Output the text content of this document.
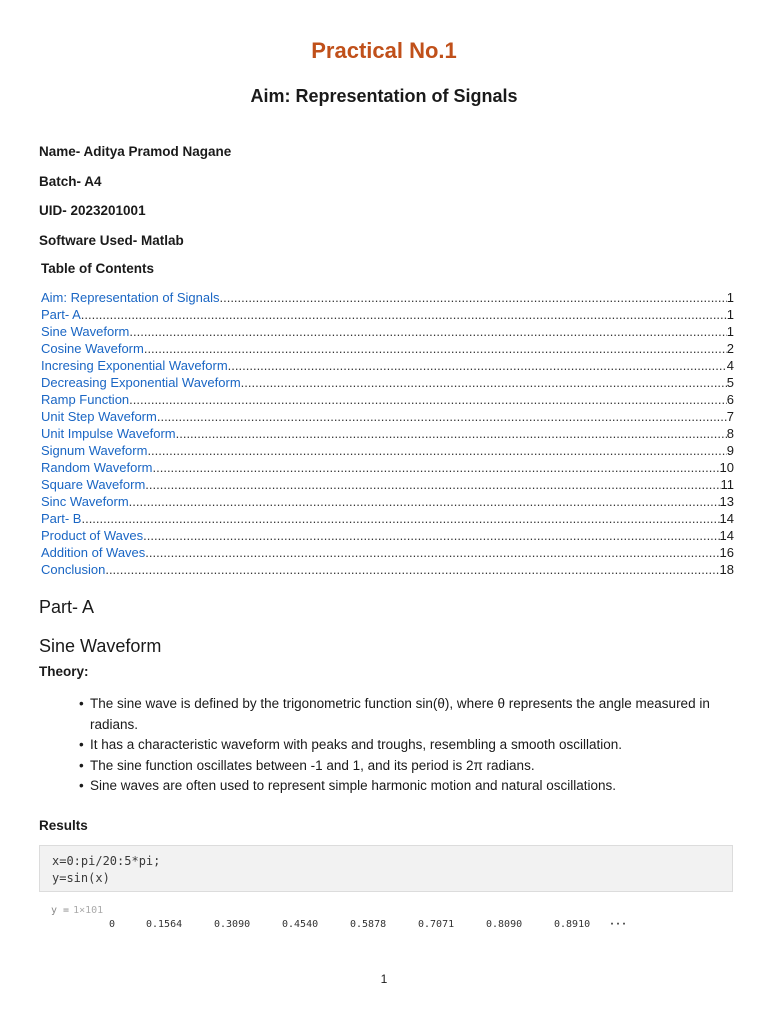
Practical No.1
Aim: Representation of Signals
Name- Aditya Pramod Nagane
Batch- A4
UID- 2023201001
Software Used- Matlab
Table of Contents
Aim: Representation of Signals .....	1
Part- A .....	1
Sine Waveform .....	1
Cosine Waveform .....	2
Incresing Exponential Waveform .....	4
Decreasing Exponential Waveform .....	5
Ramp Function .....	6
Unit Step Waveform .....	7
Unit Impulse Waveform .....	8
Signum Waveform .....	9
Random Waveform .....	10
Square Waveform .....	11
Sinc Waveform .....	13
Part- B .....	14
Product of Waves .....	14
Addition of Waves .....	16
Conclusion .....	18
Part- A
Sine Waveform
Theory:
• The sine wave is defined by the trigonometric function sin(θ), where θ represents the angle measured in radians.
• It has a characteristic waveform with peaks and troughs, resembling a smooth oscillation.
• The sine function oscillates between -1 and 1, and its period is 2π radians.
• Sine waves are often used to represent simple harmonic motion and natural oscillations.
Results
x=0:pi/20:5*pi;
y=sin(x)
y = 1×101
0	0.1564	0.3090	0.4540	0.5878	0.7071	0.8090	0.8910	···
1
